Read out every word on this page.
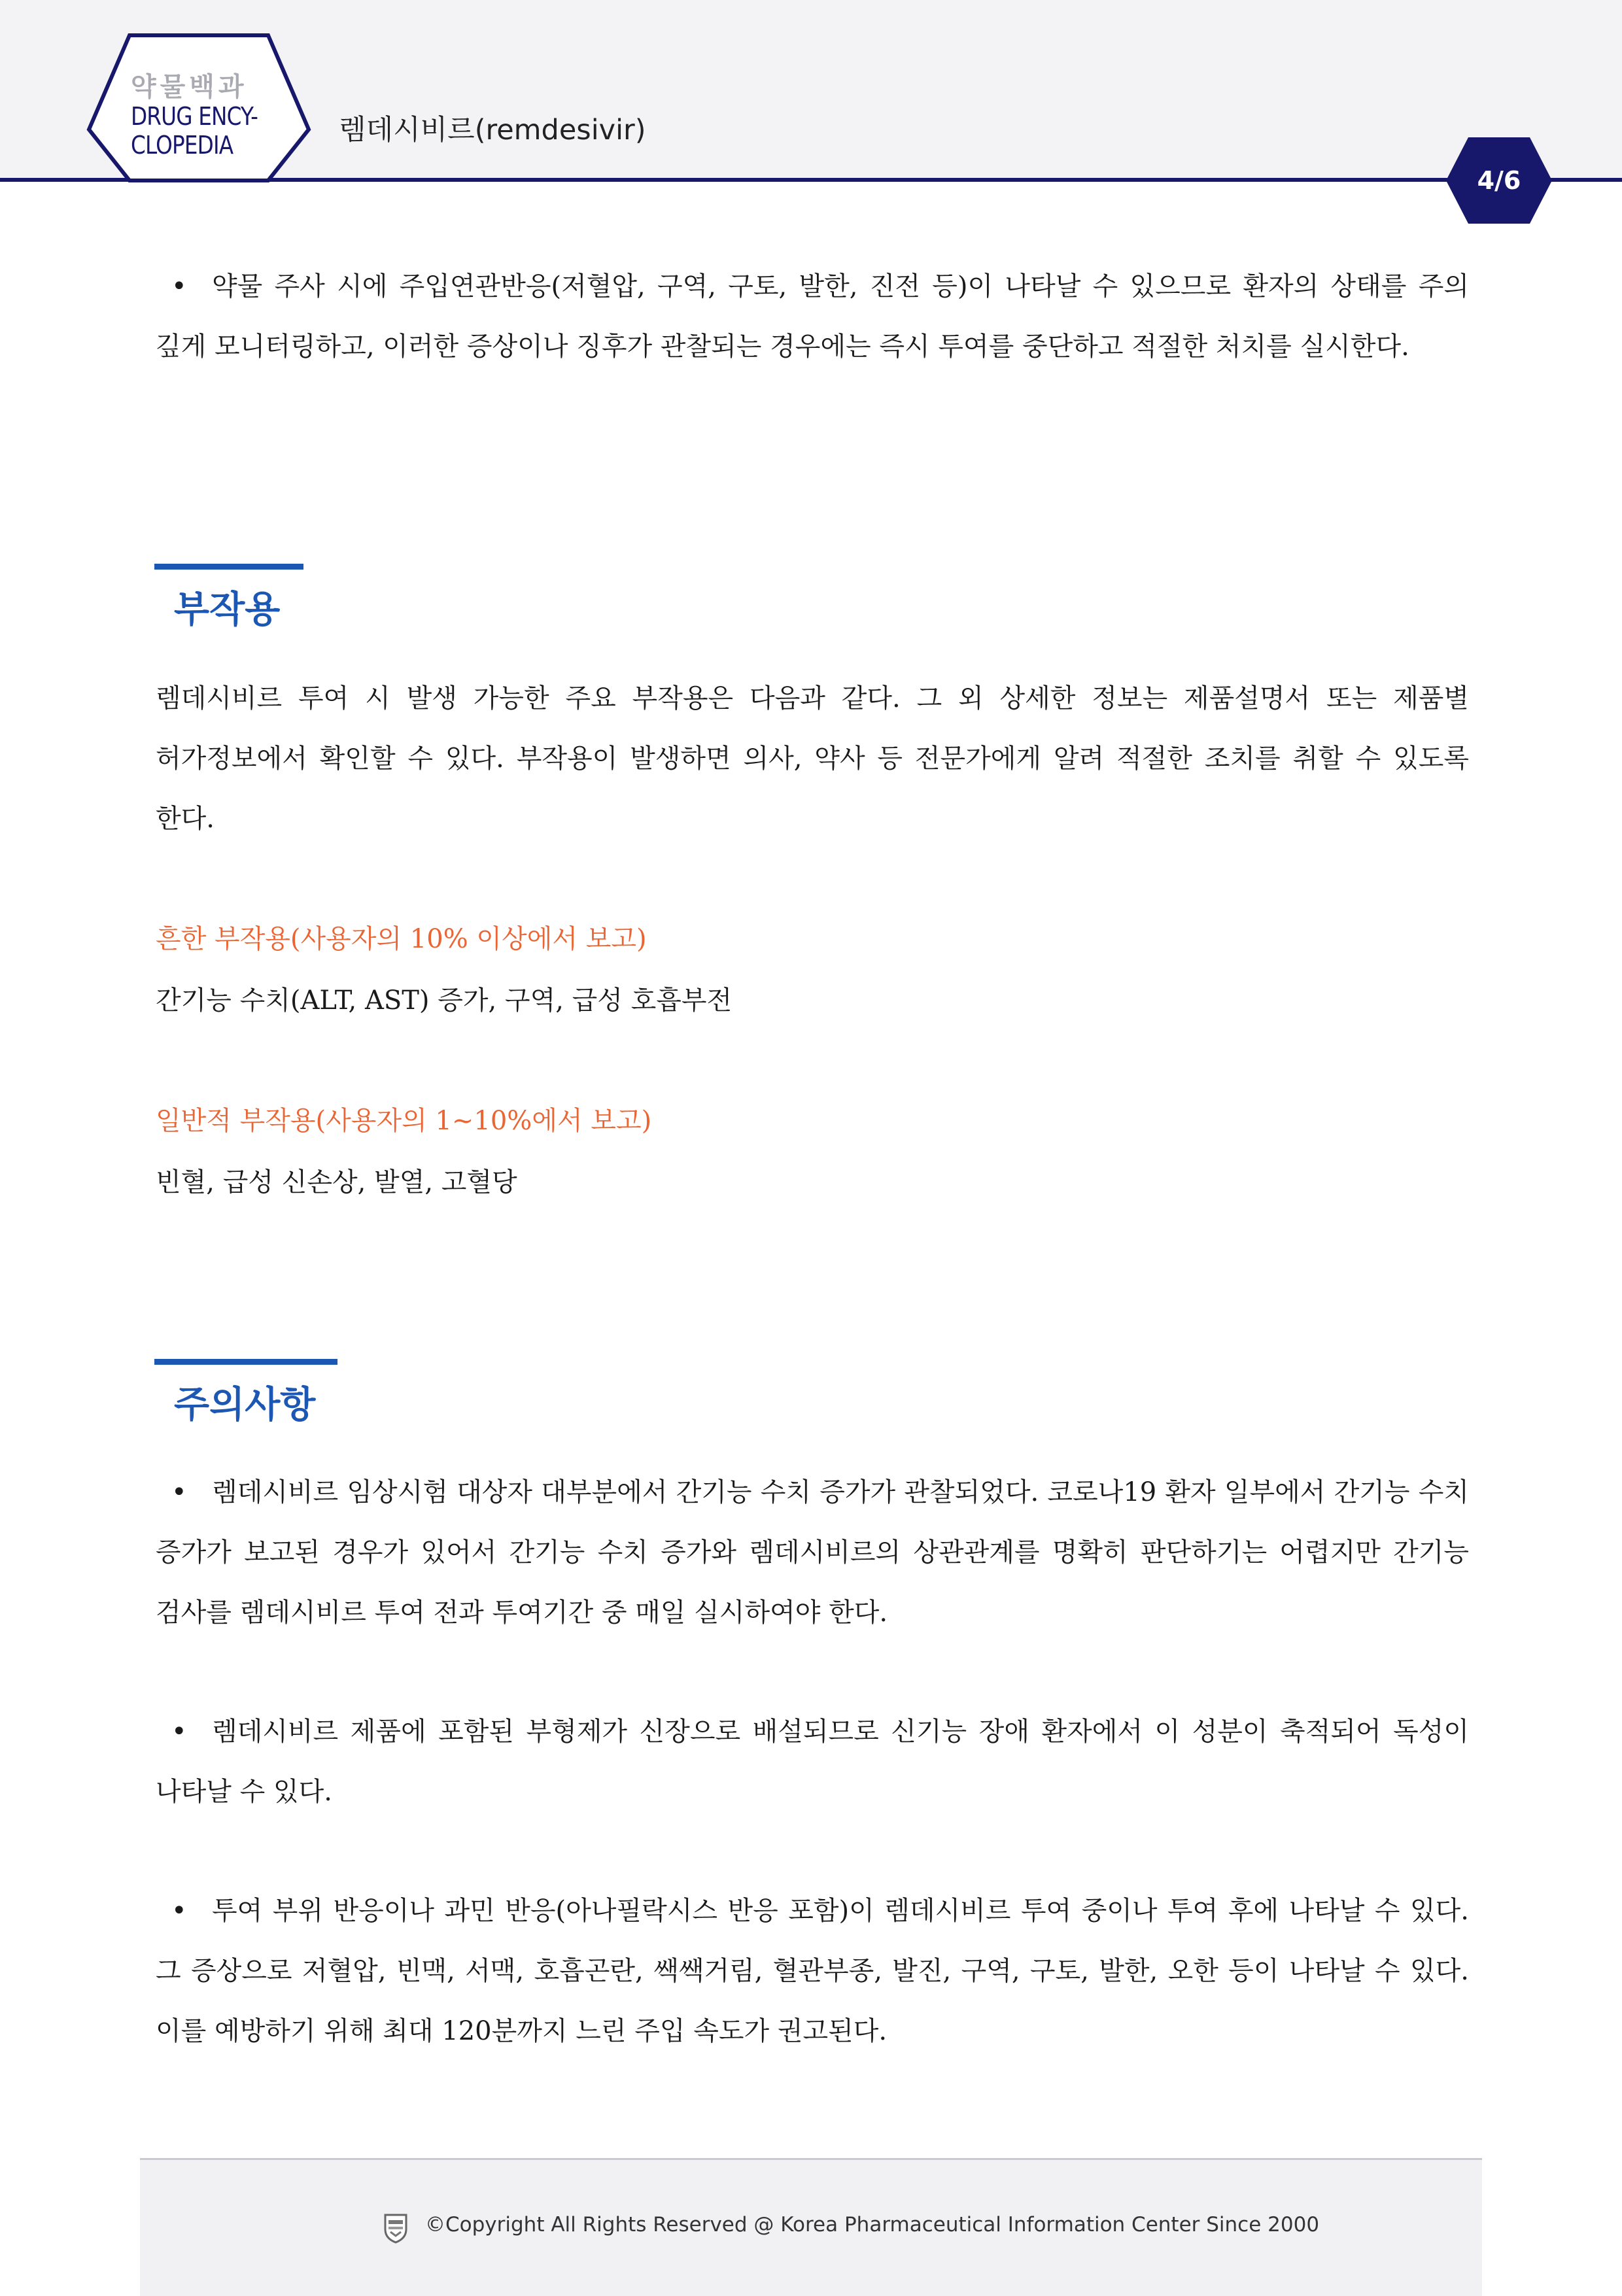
약물백과
DRUG ENCY-
CLOPEDIA	렘데시비르(remdesivir)
4/6
• 약물 주사 시에 주입연관반응(저혈압, 구역, 구토, 발한, 진전 등)이 나타날 수 있으므로 환자의 상태를 주의 깊게 모니터링하고, 이러한 증상이나 징후가 관찰되는 경우에는 즉시 투여를 중단하고 적절한 처치를 실시한다.
부작용
렘데시비르 투여 시 발생 가능한 주요 부작용은 다음과 같다. 그 외 상세한 정보는 제품설명서 또는 제품별 허가정보에서 확인할 수 있다. 부작용이 발생하면 의사, 약사 등 전문가에게 알려 적절한 조치를 취할 수 있도록 한다.
흔한 부작용(사용자의 10% 이상에서 보고)
간기능 수치(ALT, AST) 증가, 구역, 급성 호흡부전
일반적 부작용(사용자의 1~10%에서 보고)
빈혈, 급성 신손상, 발열, 고혈당
주의사항
• 렘데시비르 임상시험 대상자 대부분에서 간기능 수치 증가가 관찰되었다. 코로나19 환자 일부에서 간기능 수치 증가가 보고된 경우가 있어서 간기능 수치 증가와 렘데시비르의 상관관계를 명확히 판단하기는 어렵지만 간기능 검사를 렘데시비르 투여 전과 투여기간 중 매일 실시하여야 한다.
• 렘데시비르 제품에 포함된 부형제가 신장으로 배설되므로 신기능 장애 환자에서 이 성분이 축적되어 독성이 나타날 수 있다.
• 투여 부위 반응이나 과민 반응(아나필락시스 반응 포함)이 렘데시비르 투여 중이나 투여 후에 나타날 수 있다. 그 증상으로 저혈압, 빈맥, 서맥, 호흡곤란, 쌕쌕거림, 혈관부종, 발진, 구역, 구토, 발한, 오한 등이 나타날 수 있다. 이를 예방하기 위해 최대 120분까지 느린 주입 속도가 권고된다.
©Copyright All Rights Reserved @ Korea Pharmaceutical Information Center Since 2000
